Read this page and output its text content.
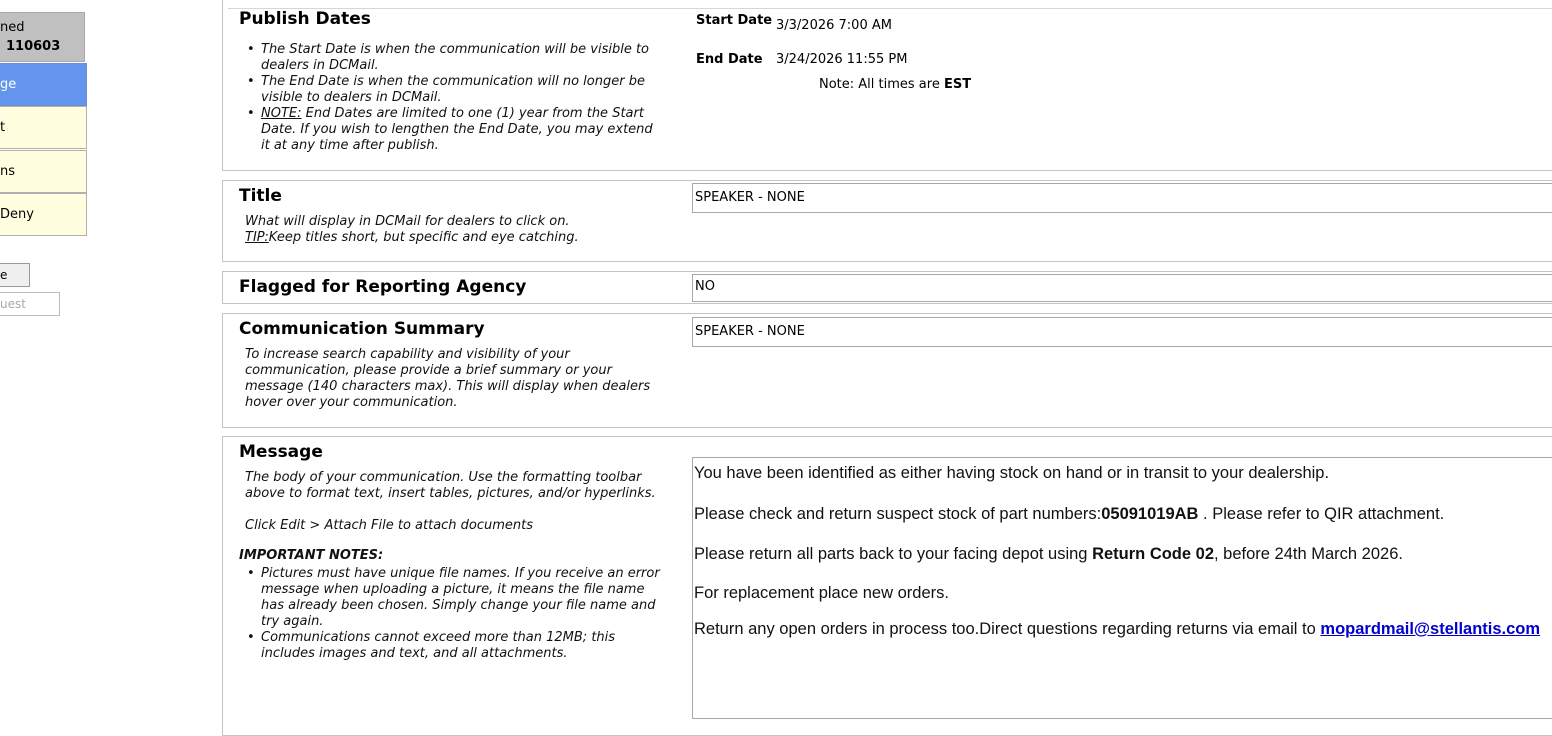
ned
110603
ge
t
ns
Deny
e
uest
Publish Dates
• The Start Date is when the communication will be visible to dealers in DCMail.
• The End Date is when the communication will no longer be visible to dealers in DCMail.
• NOTE: End Dates are limited to one (1) year from the Start Date. If you wish to lengthen the End Date, you may extend it at any time after publish.
Start Date 3/3/2026 7:00 AM
End Date 3/24/2026 11:55 PM
Note: All times are EST
Title
What will display in DCMail for dealers to click on.
TIP:Keep titles short, but specific and eye catching.
SPEAKER - NONE
Flagged for Reporting Agency	NO
Communication Summary
To increase search capability and visibility of your communication, please provide a brief summary or your message (140 characters max). This will display when dealers hover over your communication.
SPEAKER - NONE
Message
The body of your communication. Use the formatting toolbar above to format text, insert tables, pictures, and/or hyperlinks.
Click Edit > Attach File to attach documents
IMPORTANT NOTES:
• Pictures must have unique file names. If you receive an error message when uploading a picture, it means the file name has already been chosen. Simply change your file name and try again.
• Communications cannot exceed more than 12MB; this includes images and text, and all attachments.
You have been identified as either having stock on hand or in transit to your dealership.
Please check and return suspect stock of part numbers:05091019AB . Please refer to QIR attachment.
Please return all parts back to your facing depot using Return Code 02, before 24th March 2026.
For replacement place new orders.
Return any open orders in process too.Direct questions regarding returns via email to mopardmail@stellantis.com
